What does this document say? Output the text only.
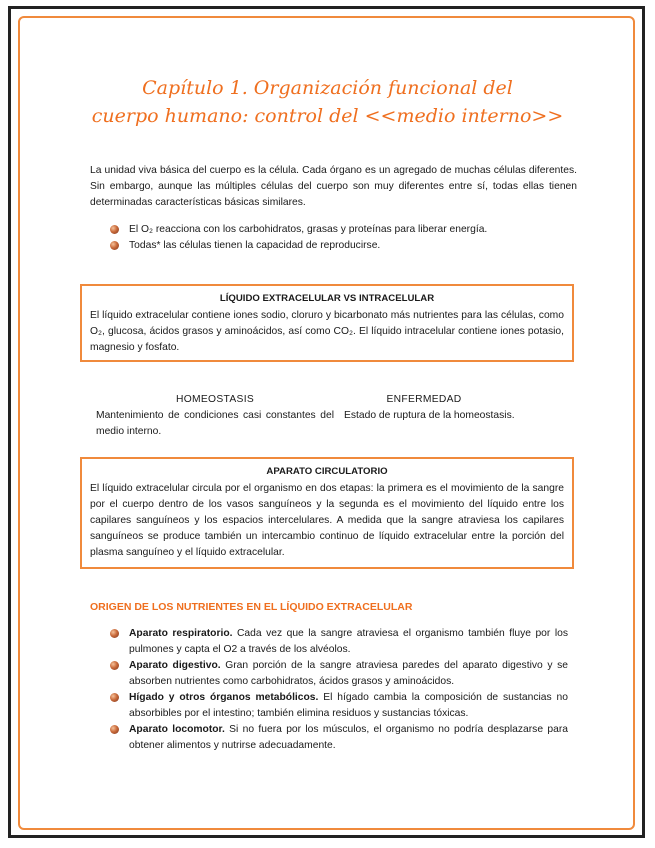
Capítulo 1. Organización funcional del
cuerpo humano: control del <<medio interno>>
La unidad viva básica del cuerpo es la célula. Cada órgano es un agregado de muchas células diferentes. Sin embargo, aunque las múltiples células del cuerpo son muy diferentes entre sí, todas ellas tienen determinadas características básicas similares.
El O₂ reacciona con los carbohidratos, grasas y proteínas para liberar energía.
Todas* las células tienen la capacidad de reproducirse.
LÍQUIDO EXTRACELULAR VS INTRACELULAR
El líquido extracelular contiene iones sodio, cloruro y bicarbonato más nutrientes para las células, como O₂, glucosa, ácidos grasos y aminoácidos, así como CO₂. El líquido intracelular contiene iones potasio, magnesio y fosfato.
HOMEOSTASIS
Mantenimiento de condiciones casi constantes del medio interno.
ENFERMEDAD
Estado de ruptura de la homeostasis.
APARATO CIRCULATORIO
El líquido extracelular circula por el organismo en dos etapas: la primera es el movimiento de la sangre por el cuerpo dentro de los vasos sanguíneos y la segunda es el movimiento del líquido entre los capilares sanguíneos y los espacios intercelulares. A medida que la sangre atraviesa los capilares sanguíneos se produce también un intercambio continuo de líquido extracelular entre la porción del plasma sanguíneo y el líquido extracelular.
ORIGEN DE LOS NUTRIENTES EN EL LÍQUIDO EXTRACELULAR
Aparato respiratorio. Cada vez que la sangre atraviesa el organismo también fluye por los pulmones y capta el O2 a través de los alvéolos.
Aparato digestivo. Gran porción de la sangre atraviesa paredes del aparato digestivo y se absorben nutrientes como carbohidratos, ácidos grasos y aminoácidos.
Hígado y otros órganos metabólicos. El hígado cambia la composición de sustancias no absorbibles por el intestino; también elimina residuos y sustancias tóxicas.
Aparato locomotor. Si no fuera por los músculos, el organismo no podría desplazarse para obtener alimentos y nutrirse adecuadamente.
